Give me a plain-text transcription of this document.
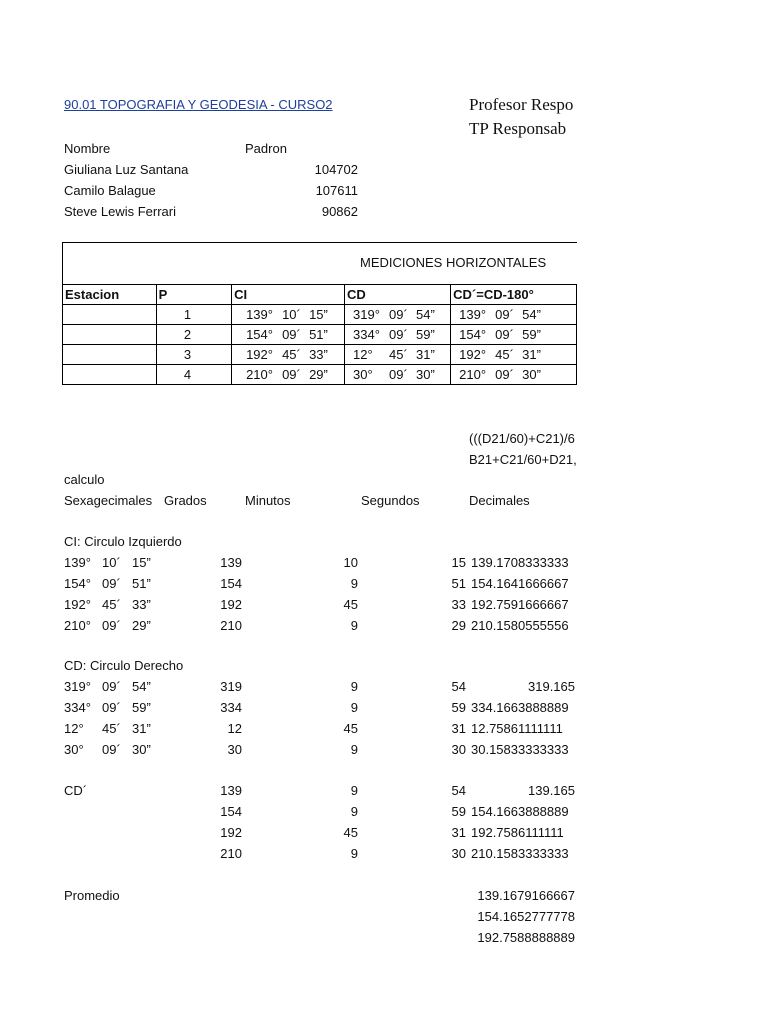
90.01 TOPOGRAFIA Y GEODESIA - CURSO2	Profesor Respo
TP Responsab
Nombre	Padron
Giuliana Luz Santana	104702
Camilo Balague	107611
Steve Lewis Ferrari	90862
MEDICIONES HORIZONTALES
Estacion	P	CI	CD	CD´=CD-180°
	1	139° 10´ 15”	319° 09´ 54”	139° 09´ 54”
	2	154° 09´ 51”	334° 09´ 59”	154° 09´ 59”
	3	192° 45´ 33”	12° 45´ 31”	192° 45´ 31”
	4	210° 09´ 29”	30° 09´ 30”	210° 09´ 30”
(((D21/60)+C21)/6
B21+C21/60+D21,
calculo
Sexagecimales Grados	Minutos	Segundos	Decimales
CI: Circulo Izquierdo
139° 10´ 15”	139	10	15 139.1708333333
154° 09´ 51”	154	9	51 154.1641666667
192° 45´ 33”	192	45	33 192.7591666667
210° 09´ 29”	210	9	29 210.1580555556
CD: Circulo Derecho
319° 09´ 54”	319	9	54	319.165
334° 09´ 59”	334	9	59 334.1663888889
12° 45´ 31”	12	45	31 12.75861111111
30° 09´ 30”	30	9	30 30.15833333333
CD´	139	9	54	139.165
154	9	59 154.1663888889
192	45	31 192.7586111111
210	9	30 210.1583333333
Promedio	139.1679166667
154.1652777778
192.7588888889
